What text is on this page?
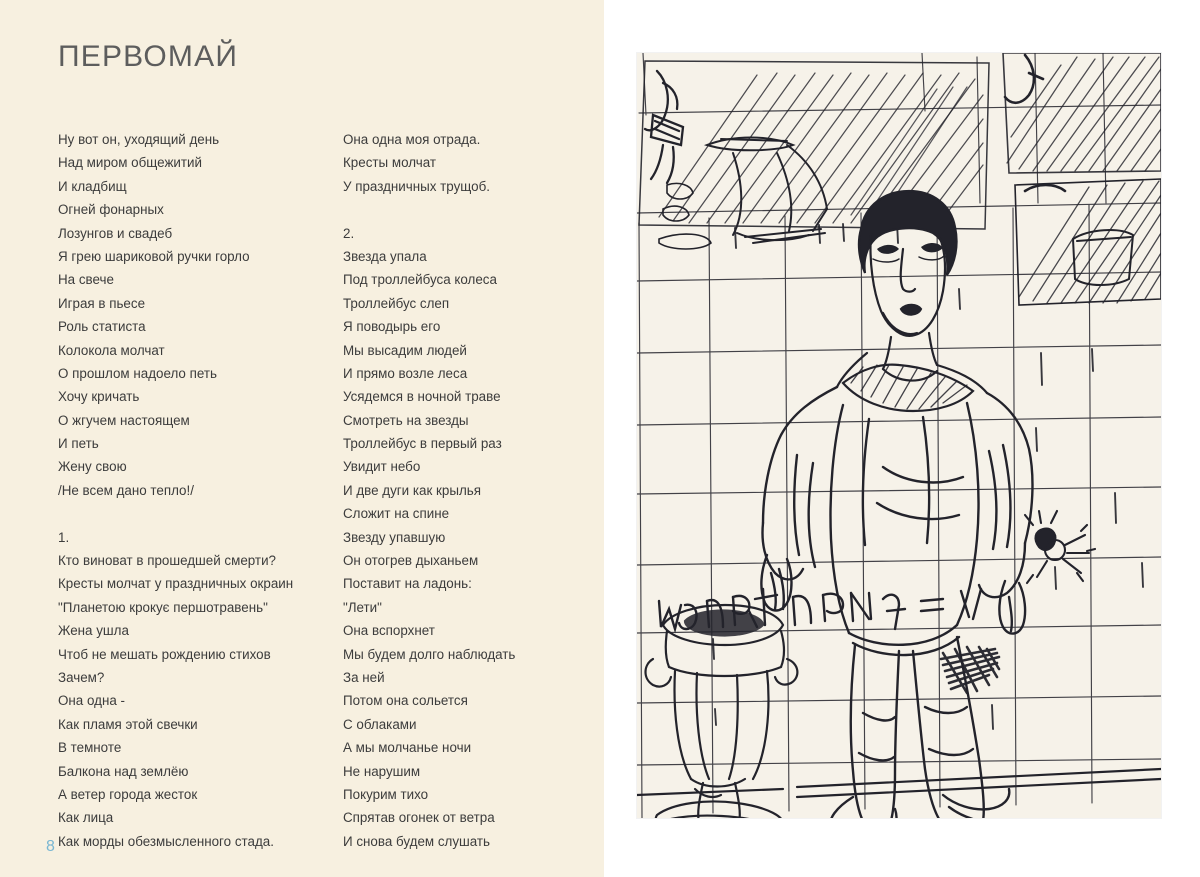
ПЕРВОМАЙ
Ну вот он, уходящий день
Над миром общежитий
И кладбищ
Огней фонарных
Лозунгов и свадеб
Я грею шариковой ручки горло
На свече
Играя в пьесе
Роль статиста
Колокола молчат
О прошлом надоело петь
Хочу кричать
О жгучем настоящем
И петь
Жену свою
/Не всем дано тепло!/

1.
Кто виноват в прошедшей смерти?
Кресты молчат у праздничных окраин
"Планетою крокує першотравень"
Жена ушла
Чтоб не мешать рождению стихов
Зачем?
Она одна -
Как пламя этой свечки
В темноте
Балкона над землёю
А ветер города жесток
Как лица
Как морды обезмысленного стада.
Она одна моя отрада.
Кресты молчат
У праздничных трущоб.

2.
Звезда упала
Под троллейбуса колеса
Троллейбус слеп
Я поводырь его
Мы высадим людей
И прямо возле леса
Усядемся в ночной траве
Смотреть на звезды
Троллейбус в первый раз
Увидит небо
И две дуги как крылья
Сложит на спине
Звезду упавшую
Он отогрев дыханьем
Поставит на ладонь:
"Лети"
Она вспорхнет
Мы будем долго наблюдать
За ней
Потом она сольется
С облаками
А мы молчанье ночи
Не нарушим
Покурим тихо
Спрятав огонек от ветра
И снова будем слушать
8
